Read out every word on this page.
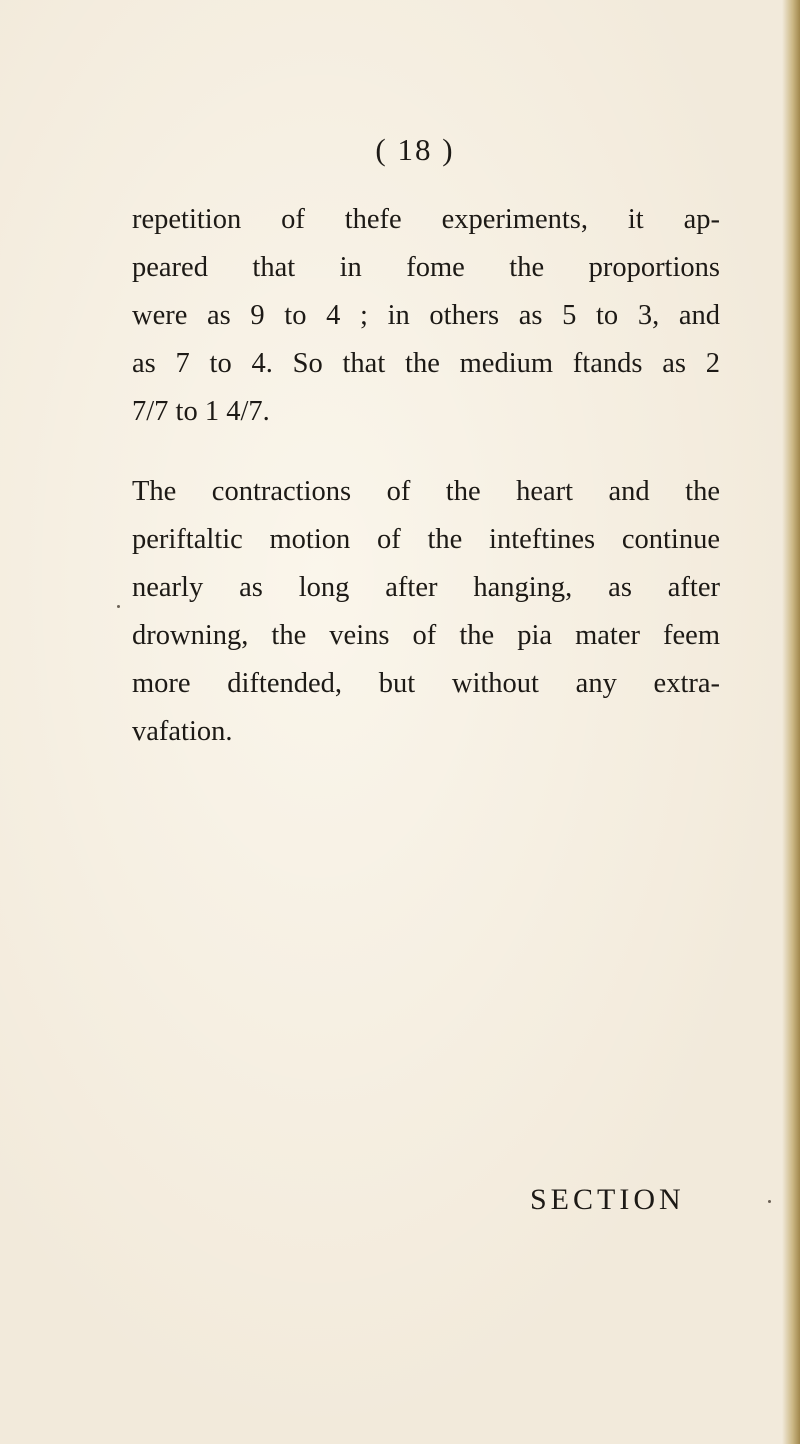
( 18 )
repetition of thefe experiments, it ap-
peared that in fome the proportions
were as 9 to 4 ; in others as 5 to 3, and
as 7 to 4. So that the medium ftands as 2
7/7 to 1 4/7.
The contractions of the heart and the
periftaltic motion of the inteftines continue
nearly as long after hanging, as after
drowning, the veins of the pia mater feem
more diftended, but without any extra-
vafation.
SECTION
